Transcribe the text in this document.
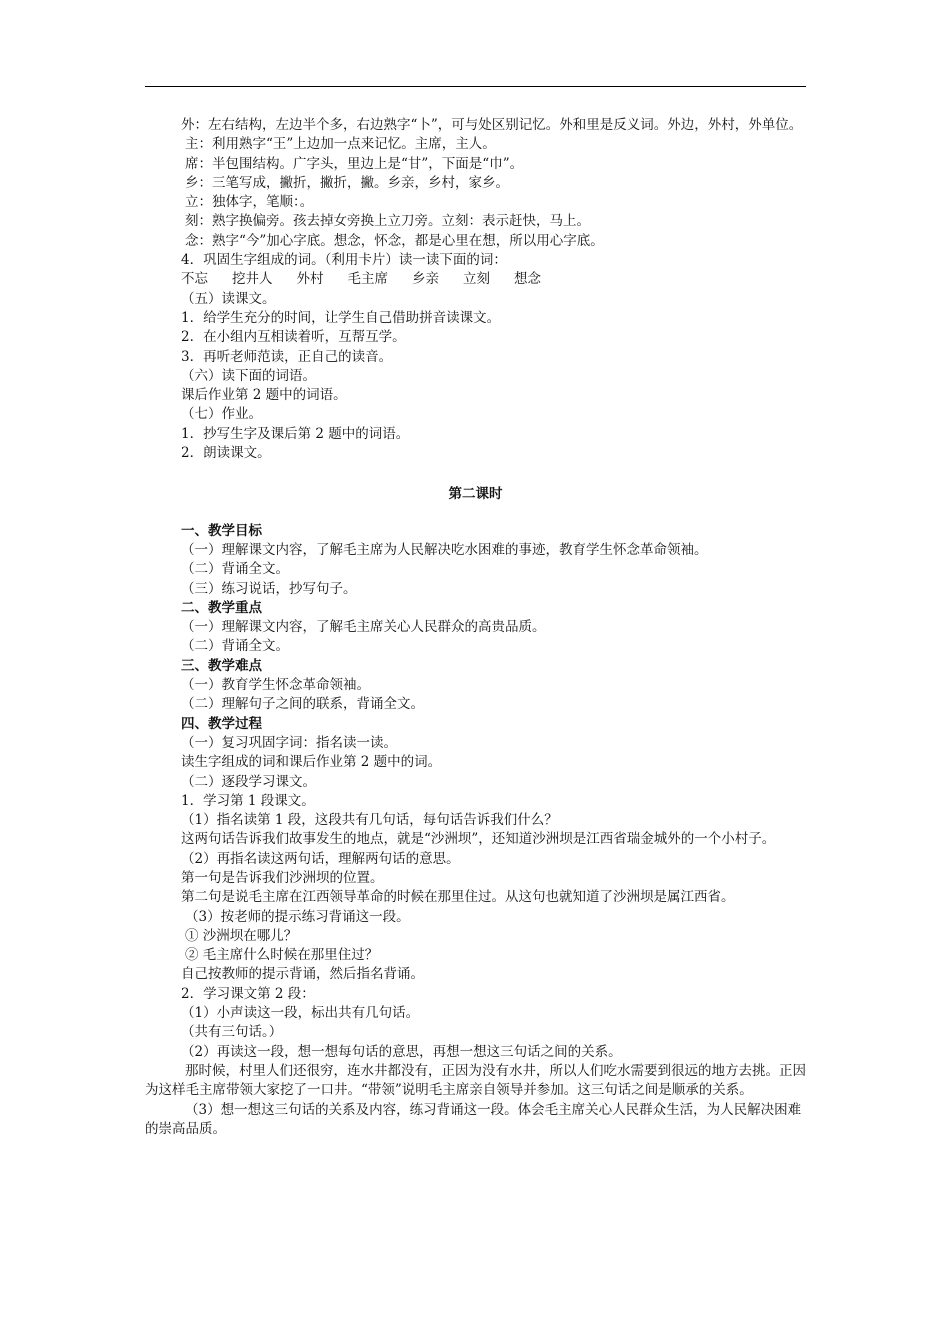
外：左右结构，左边半个多，右边熟字“卜”，可与处区别记忆。外和里是反义词。外边，外村，外单位。

主：利用熟字“王”上边加一点来记忆。主席，主人。

席：半包围结构。广字头，里边上是“甘”，下面是“巾”。

乡：三笔写成，撇折，撇折，撇。乡亲，乡村，家乡。

立：独体字，笔顺：。

刻：熟字换偏旁。孩去掉女旁换上立刀旁。立刻：表示赶快，马上。

念：熟字“今”加心字底。想念，怀念，都是心里在想，所以用心字底。

4．巩固生字组成的词。（利用卡片）读一读下面的词：

不忘 挖井人 外村 毛主席 乡亲 立刻 想念

（五）读课文。

1．给学生充分的时间，让学生自己借助拼音读课文。

2．在小组内互相读着听，互帮互学。

3．再听老师范读，正自己的读音。

（六）读下面的词语。

课后作业第 2 题中的词语。

（七）作业。

1．抄写生字及课后第 2 题中的词语。

2．朗读课文。

第二课时

一、教学目标

（一）理解课文内容，了解毛主席为人民解决吃水困难的事迹，教育学生怀念革命领袖。

（二）背诵全文。

（三）练习说话，抄写句子。

二、教学重点

（一）理解课文内容，了解毛主席关心人民群众的高贵品质。

（二）背诵全文。

三、教学难点

（一）教育学生怀念革命领袖。

（二）理解句子之间的联系，背诵全文。

四、教学过程

（一）复习巩固字词：指名读一读。

读生字组成的词和课后作业第 2 题中的词。

（二）逐段学习课文。

1．学习第 1 段课文。

（1）指名读第 1 段，这段共有几句话，每句话告诉我们什么？

这两句话告诉我们故事发生的地点，就是“沙洲坝”，还知道沙洲坝是江西省瑞金城外的一个小村子。

（2）再指名读这两句话，理解两句话的意思。

第一句是告诉我们沙洲坝的位置。

第二句是说毛主席在江西领导革命的时候在那里住过。从这句也就知道了沙洲坝是属江西省。

（3）按老师的提示练习背诵这一段。

① 沙洲坝在哪儿？

② 毛主席什么时候在那里住过？

自己按教师的提示背诵，然后指名背诵。

2．学习课文第 2 段：

（1）小声读这一段，标出共有几句话。

（共有三句话。）

（2）再读这一段，想一想每句话的意思，再想一想这三句话之间的关系。

那时候，村里人们还很穷，连水井都没有，正因为没有水井，所以人们吃水需要到很远的地方去挑。正因为这样毛主席带领大家挖了一口井。“带领”说明毛主席亲自领导并参加。这三句话之间是顺承的关系。

（3）想一想这三句话的关系及内容，练习背诵这一段。体会毛主席关心人民群众生活，为人民解决困难的崇高品质。
